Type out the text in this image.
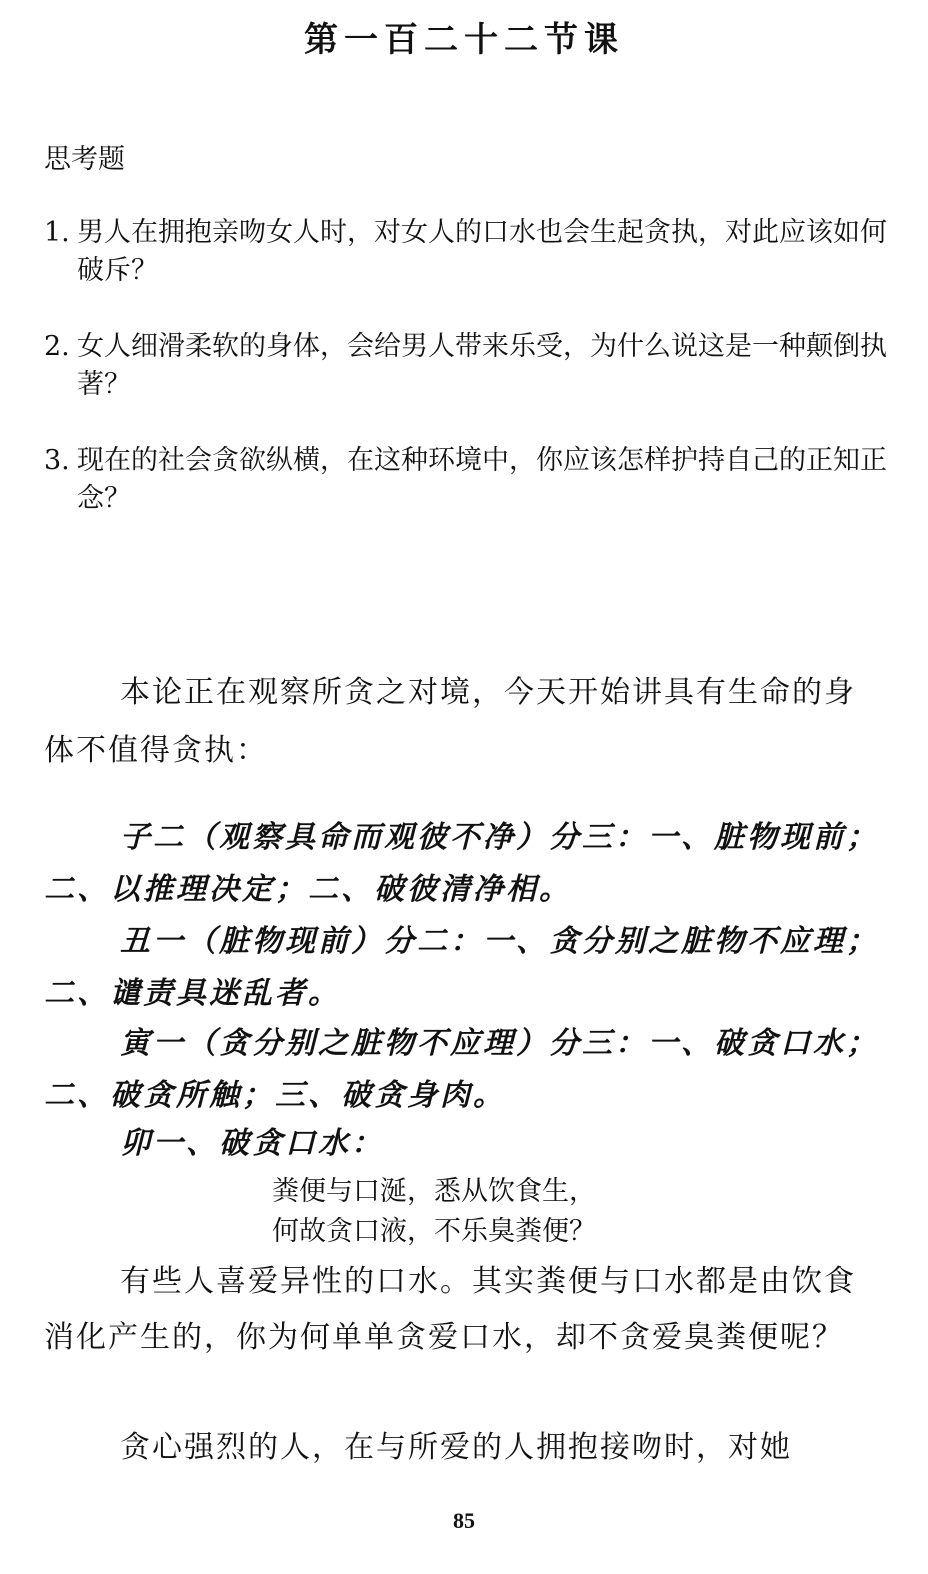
第一百二十二节课
思考题
1. 男人在拥抱亲吻女人时，对女人的口水也会生起贪执，对此应该如何破斥？
2. 女人细滑柔软的身体，会给男人带来乐受，为什么说这是一种颠倒执著？
3. 现在的社会贪欲纵横，在这种环境中，你应该怎样护持自己的正知正念？
本论正在观察所贪之对境，今天开始讲具有生命的身体不值得贪执：
子二（观察具命而观彼不净）分三：一、脏物现前；二、以推理决定；二、破彼清净相。
丑一（脏物现前）分二：一、贪分别之脏物不应理；二、谴责具迷乱者。
寅一（贪分别之脏物不应理）分三：一、破贪口水；二、破贪所触；三、破贪身肉。
卯一、破贪口水：
粪便与口涎，悉从饮食生，
何故贪口液，不乐臭粪便？
有些人喜爱异性的口水。其实粪便与口水都是由饮食消化产生的，你为何单单贪爱口水，却不贪爱臭粪便呢？
贪心强烈的人，在与所爱的人拥抱接吻时，对她
85
